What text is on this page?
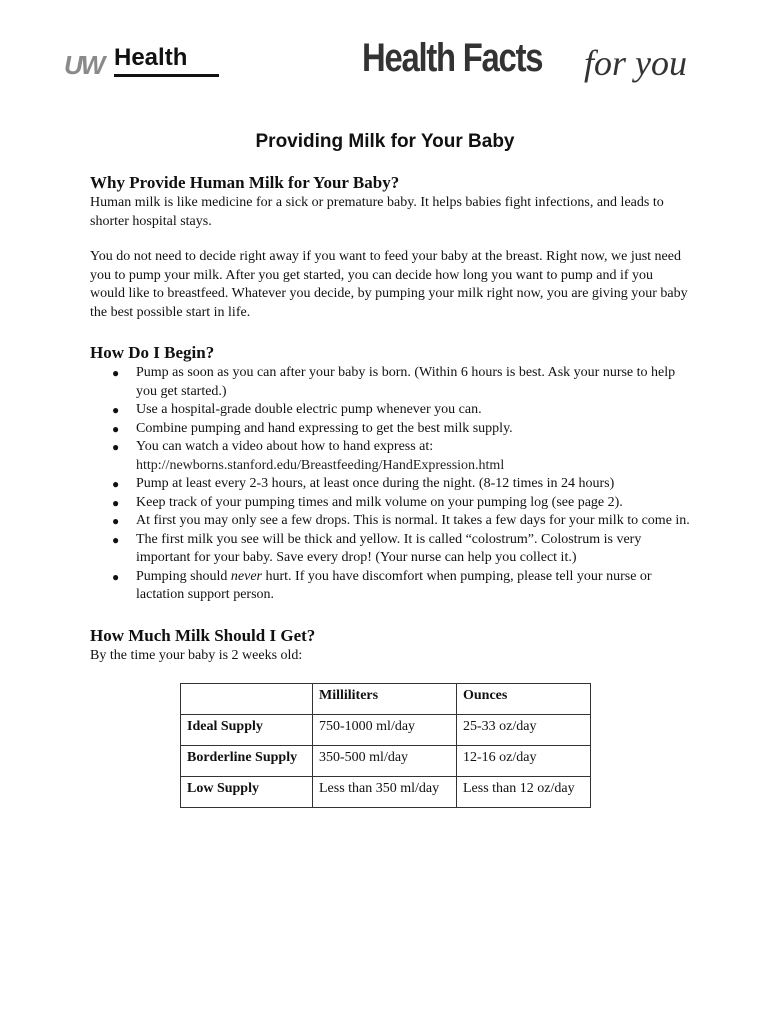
UW Health	Health Facts for you
Providing Milk for Your Baby
Why Provide Human Milk for Your Baby?

Human milk is like medicine for a sick or premature baby. It helps babies fight infections, and leads to shorter hospital stays.

You do not need to decide right away if you want to feed your baby at the breast. Right now, we just need you to pump your milk. After you get started, you can decide how long you want to pump and if you would like to breastfeed. Whatever you decide, by pumping your milk right now, you are giving your baby the best possible start in life.

How Do I Begin?
● Pump as soon as you can after your baby is born. (Within 6 hours is best. Ask your nurse to help you get started.)
● Use a hospital-grade double electric pump whenever you can.
● Combine pumping and hand expressing to get the best milk supply.
● You can watch a video about how to hand express at:
http://newborns.stanford.edu/Breastfeeding/HandExpression.html
● Pump at least every 2-3 hours, at least once during the night. (8-12 times in 24 hours)
● Keep track of your pumping times and milk volume on your pumping log (see page 2).
● At first you may only see a few drops. This is normal. It takes a few days for your milk to come in.
● The first milk you see will be thick and yellow. It is called “colostrum”. Colostrum is very important for your baby. Save every drop! (Your nurse can help you collect it.)
● Pumping should never hurt. If you have discomfort when pumping, please tell your nurse or lactation support person.
How Much Milk Should I Get?

By the time your baby is 2 weeks old:

	Milliliters	Ounces
Ideal Supply	750-1000 ml/day	25-33 oz/day
Borderline Supply	350-500 ml/day	12-16 oz/day
Low Supply	Less than 350 ml/day	Less than 12 oz/day
